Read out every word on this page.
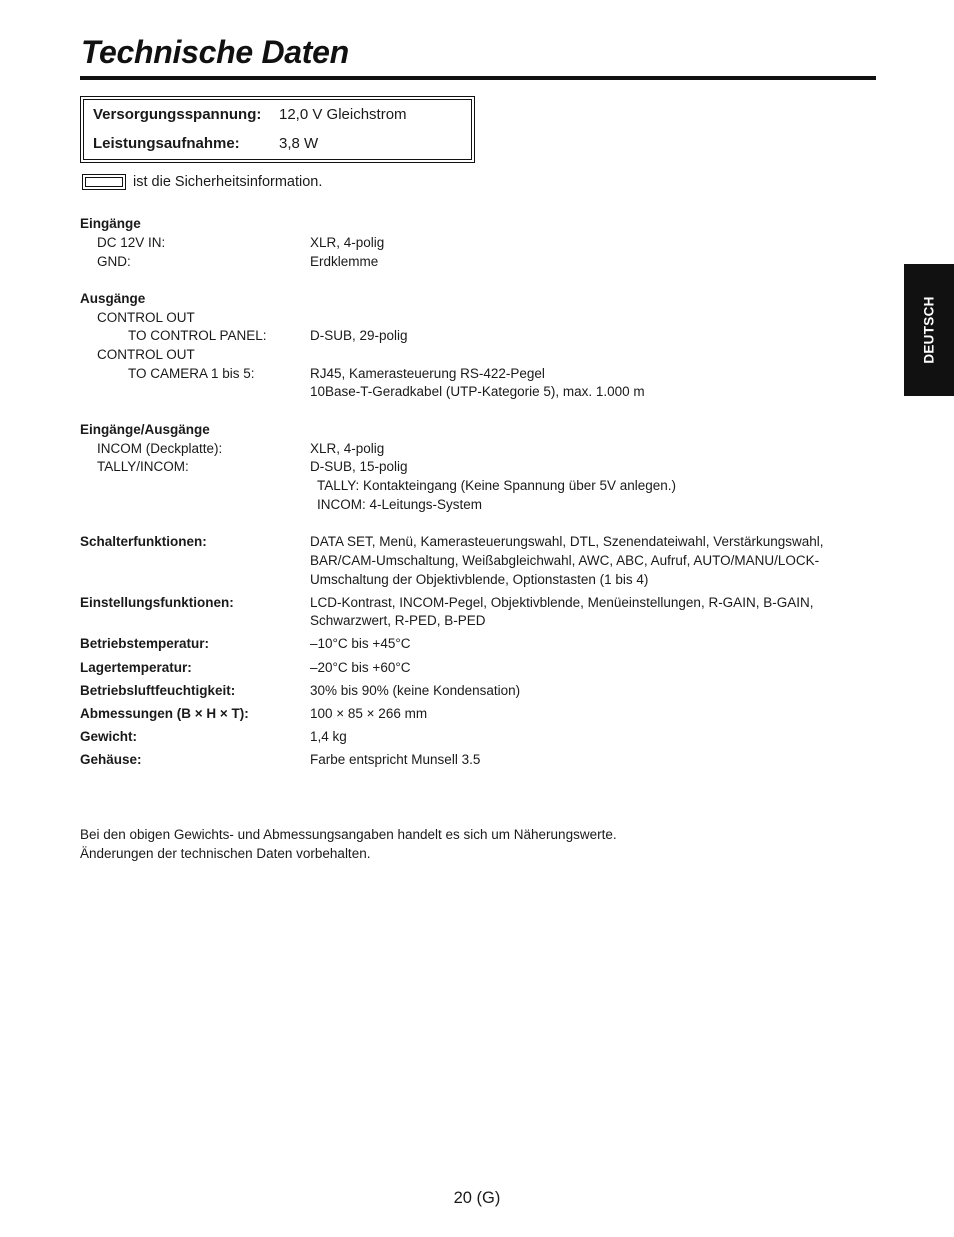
Technische Daten
Versorgungsspannung: 12,0 V Gleichstrom
Leistungsaufnahme:	3,8 W
ist die Sicherheitsinformation.
Eingänge
DC 12V IN:	XLR, 4-polig
GND:	Erdklemme
Ausgänge
CONTROL OUT
TO CONTROL PANEL:	D-SUB, 29-polig
CONTROL OUT
TO CAMERA 1 bis 5:	RJ45, Kamerasteuerung RS-422-Pegel
10Base-T-Geradkabel (UTP-Kategorie 5), max. 1.000 m
Eingänge/Ausgänge
INCOM (Deckplatte):	XLR, 4-polig
TALLY/INCOM:	D-SUB, 15-polig
TALLY: Kontakteingang (Keine Spannung über 5V anlegen.)
INCOM: 4-Leitungs-System
Schalterfunktionen:	DATA SET, Menü, Kamerasteuerungswahl, DTL, Szenendateiwahl, Verstärkungswahl,
BAR/CAM-Umschaltung, Weißabgleichwahl, AWC, ABC, Aufruf, AUTO/MANU/LOCK-
Umschaltung der Objektivblende, Optionstasten (1 bis 4)
Einstellungsfunktionen:	LCD-Kontrast, INCOM-Pegel, Objektivblende, Menüeinstellungen, R-GAIN, B-GAIN,
Schwarzwert, R-PED, B-PED
Betriebstemperatur:	–10°C bis +45°C
Lagertemperatur:	–20°C bis +60°C
Betriebsluftfeuchtigkeit:	30% bis 90% (keine Kondensation)
Abmessungen (B × H × T):	100 × 85 × 266 mm
Gewicht:	1,4 kg
Gehäuse:	Farbe entspricht Munsell 3.5
Bei den obigen Gewichts- und Abmessungsangaben handelt es sich um Näherungswerte.
Änderungen der technischen Daten vorbehalten.
DEUTSCH
20 (G)
